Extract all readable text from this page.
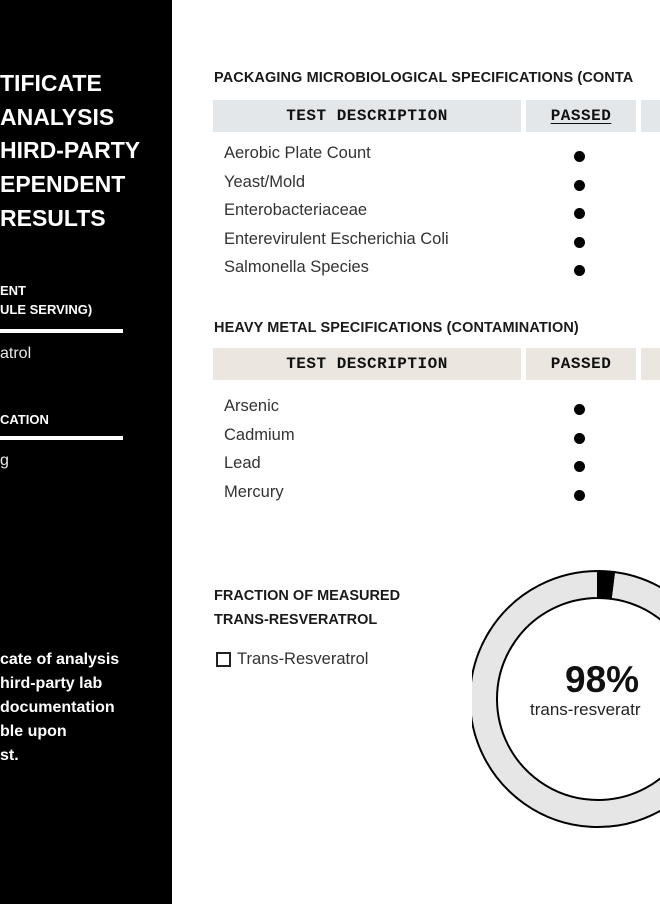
TIFICATE
ANALYSIS
HIRD-PARTY
EPENDENT
RESULTS
ENT
ULE SERVING)
atrol
CATION
g
cate of analysis
hird-party lab
documentation
ble upon
st.
PACKAGING MICROBIOLOGICAL SPECIFICATIONS (CONTA
TEST DESCRIPTION	PASSED
Aerobic Plate Count
Yeast/Mold
Enterobacteriaceae
Enterevirulent Escherichia Coli
Salmonella Species
HEAVY METAL SPECIFICATIONS (CONTAMINATION)
TEST DESCRIPTION	PASSED
Arsenic
Cadmium
Lead
Mercury
FRACTION OF MEASURED
TRANS-RESVERATROL
Trans-Resveratrol	98%
trans-resveratr
